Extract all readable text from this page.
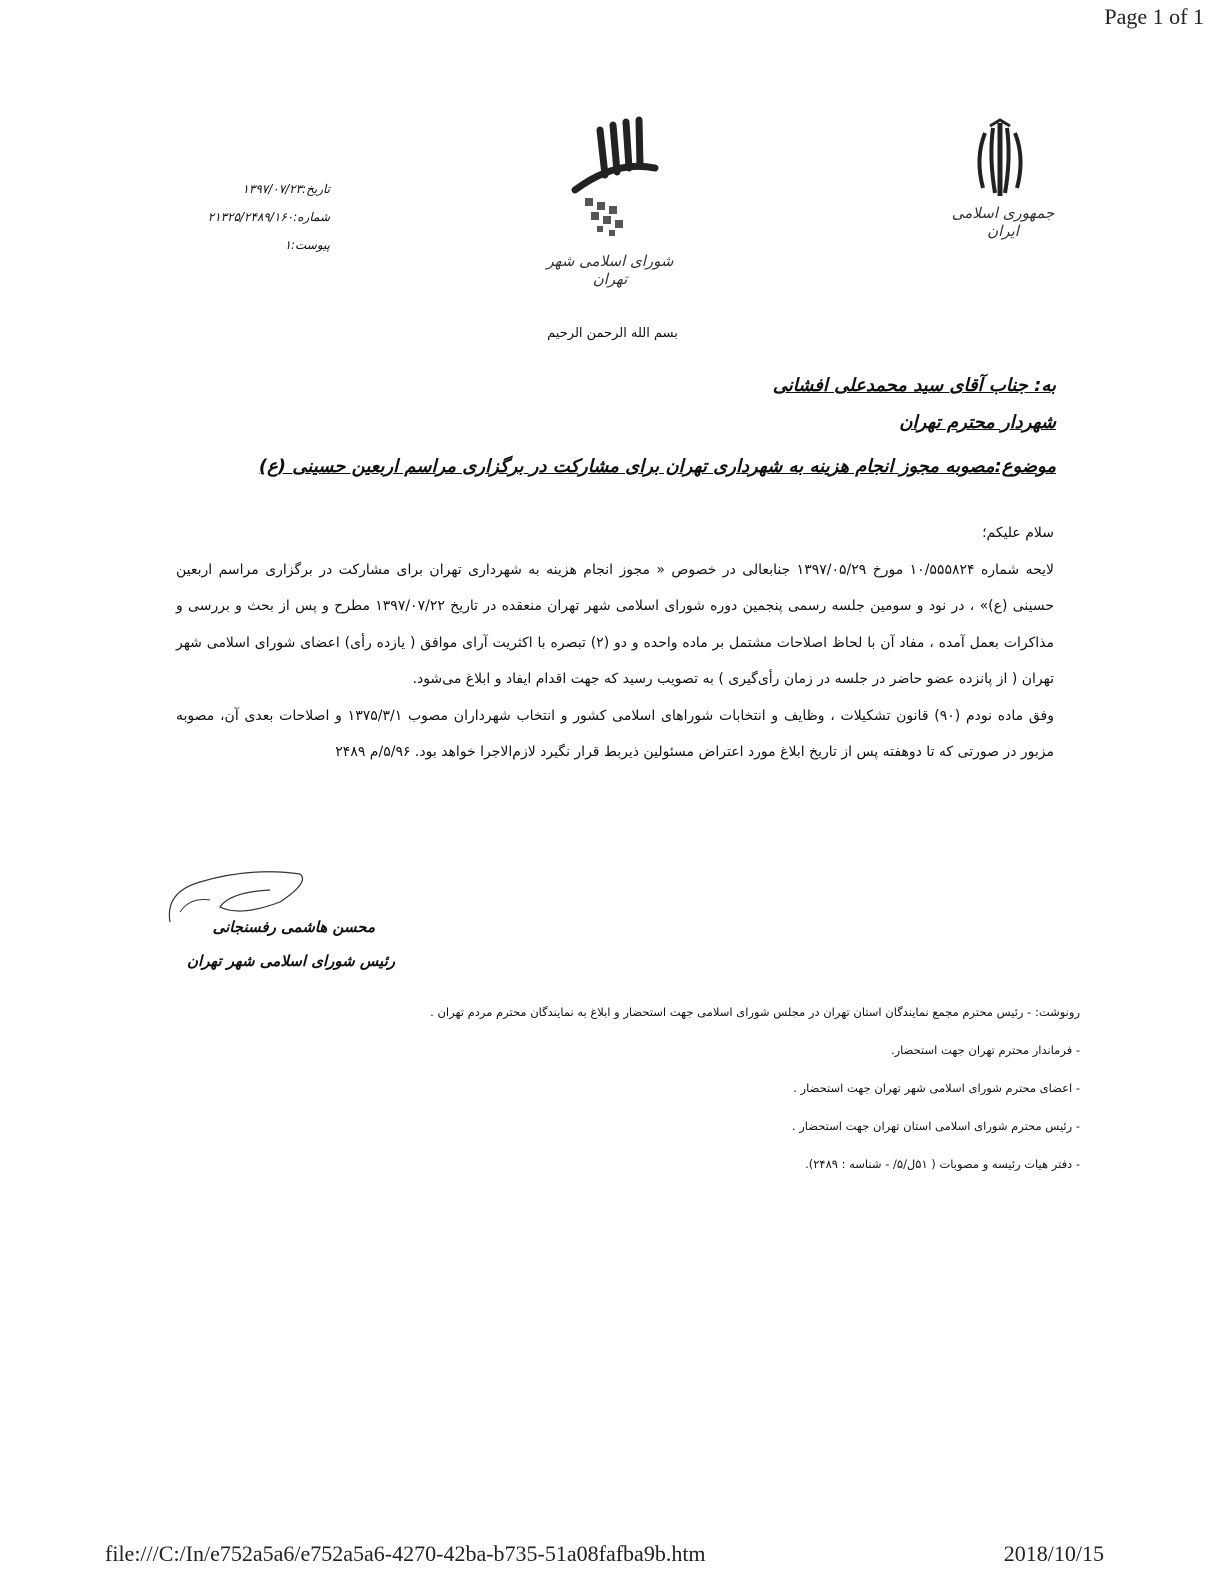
Page 1 of 1
جمهوری اسلامی ایران
شورای اسلامی شهر تهران
تاریخ:۱۳۹۷/۰۷/۲۳
شماره:۲۱۳۲۵/۲۴۸۹/۱۶۰
پیوست:۱
بسم الله الرحمن الرحیم
به: جناب آقای سید محمدعلی افشانی
شهردار محترم تهران
موضوع:مصوبه مجوز انجام هزینه به شهرداری تهران برای مشارکت در برگزاری مراسم اربعین حسینی (ع)

سلام علیکم؛

لایحه شماره ۱۰/۵۵۵۸۲۴ مورخ ۱۳۹۷/۰۵/۲۹ جنابعالی در خصوص « مجوز انجام هزینه به شهرداری تهران برای مشارکت در برگزاری مراسم اربعین حسینی (ع)» ، در نود و سومین جلسه رسمی پنجمین دوره شورای اسلامی شهر تهران منعقده در تاریخ ۱۳۹۷/۰۷/۲۲ مطرح و پس از بحث و بررسی و مذاکرات بعمل آمده ، مفاد آن با لحاظ اصلاحات مشتمل بر ماده واحده و دو (۲) تبصره با اکثریت آرای موافق ( یازده رأی) اعضای شورای اسلامی شهر تهران ( از پانزده عضو حاضر در جلسه در زمان رأی‌گیری ) به تصویب رسید که جهت اقدام ایفاد و ابلاغ می‌شود.

وفق ماده نودم (۹۰) قانون تشکیلات ، وظایف و انتخابات شوراهای اسلامی کشور و انتخاب شهرداران مصوب ۱۳۷۵/۳/۱ و اصلاحات بعدی آن، مصوبه مزبور در صورتی که تا دوهفته پس از تاریخ ابلاغ مورد اعتراض مسئولین ذیربط قرار نگیرد لازم‌الاجرا خواهد بود. ۵/۹۶/م ۲۴۸۹

محسن هاشمی رفسنجانی
رئیس شورای اسلامی شهر تهران
رونوشت: - رئیس محترم مجمع نمایندگان استان تهران در مجلس شورای اسلامی جهت استحضار و ابلاغ به نمایندگان محترم مردم تهران .
- فرماندار محترم تهران جهت استحضار.
- اعضای محترم شورای اسلامی شهر تهران جهت استحضار .
- رئیس محترم شورای اسلامی استان تهران جهت استحضار .
- دفتر هیات رئیسه و مصوبات ( ۵۱ل/۵/ - شناسه : ۲۴۸۹).
file:///C:/In/e752a5a6/e752a5a6-4270-42ba-b735-51a08fafba9b.htm	2018/10/15
